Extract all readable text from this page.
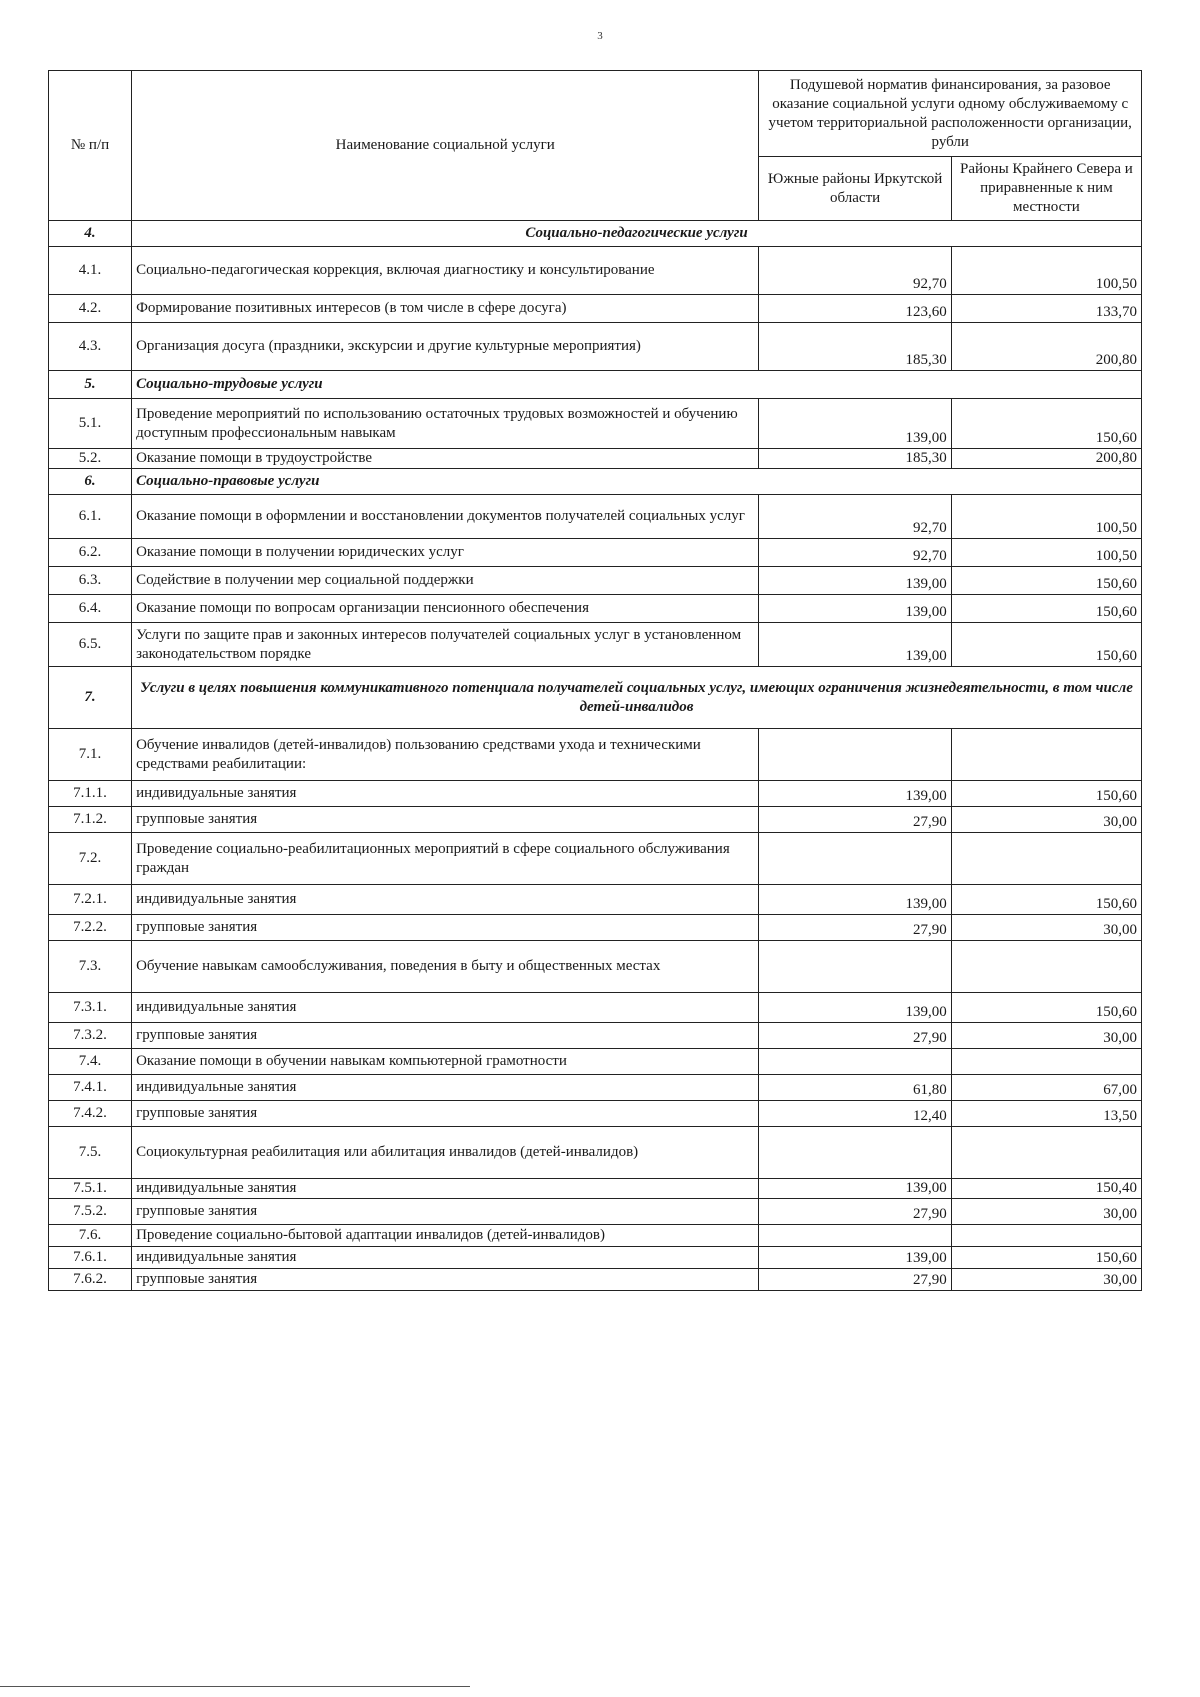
3
№ п/п	Наименование социальной услуги	Подушевой норматив финансирования, за разовое оказание социальной услуги одному обслуживаемому с учетом территориальной расположенности организации, рубли	
		Южные районы Иркутской области	Районы Крайнего Севера и приравненные к ним местности
4.	Социально-педагогические услуги		
4.1.	Социально-педагогическая коррекция, включая диагностику и консультирование	92,70	100,50
4.2.	Формирование позитивных интересов (в том числе в сфере досуга)	123,60	133,70
4.3.	Организация досуга (праздники, экскурсии и другие культурные мероприятия)	185,30	200,80
5.	Социально-трудовые услуги		
5.1.	Проведение мероприятий по использованию остаточных трудовых возможностей и обучению доступным профессиональным навыкам	139,00	150,60
5.2.	Оказание помощи в трудоустройстве	185,30	200,80
6.	Социально-правовые услуги		
6.1.	Оказание помощи в оформлении и восстановлении документов получателей социальных услуг	92,70	100,50
6.2.	Оказание помощи в получении юридических услуг	92,70	100,50
6.3.	Содействие в получении мер социальной поддержки	139,00	150,60
6.4.	Оказание помощи по вопросам организации пенсионного обеспечения	139,00	150,60
6.5.	Услуги по защите прав и законных интересов получателей социальных услуг в установленном законодательством порядке	139,00	150,60
7.	Услуги в целях повышения коммуникативного потенциала получателей социальных услуг, имеющих ограничения жизнедеятельности, в том числе детей-инвалидов		
7.1.	Обучение инвалидов (детей-инвалидов) пользованию средствами ухода и техническими средствами реабилитации:		
7.1.1.	индивидуальные занятия	139,00	150,60
7.1.2.	групповые занятия	27,90	30,00
7.2.	Проведение социально-реабилитационных мероприятий в сфере социального обслуживания граждан		
7.2.1.	индивидуальные занятия	139,00	150,60
7.2.2.	групповые занятия	27,90	30,00
7.3.	Обучение навыкам самообслуживания, поведения в быту и общественных местах		
7.3.1.	индивидуальные занятия	139,00	150,60
7.3.2.	групповые занятия	27,90	30,00
7.4.	Оказание помощи в обучении навыкам компьютерной грамотности		
7.4.1.	индивидуальные занятия	61,80	67,00
7.4.2.	групповые занятия	12,40	13,50
7.5.	Социокультурная реабилитация или абилитация инвалидов (детей-инвалидов)		
7.5.1.	индивидуальные занятия	139,00	150,40
7.5.2.	групповые занятия	27,90	30,00
7.6.	Проведение социально-бытовой адаптации инвалидов (детей-инвалидов)		
7.6.1.	индивидуальные занятия	139,00	150,60
7.6.2.	групповые занятия	27,90	30,00
